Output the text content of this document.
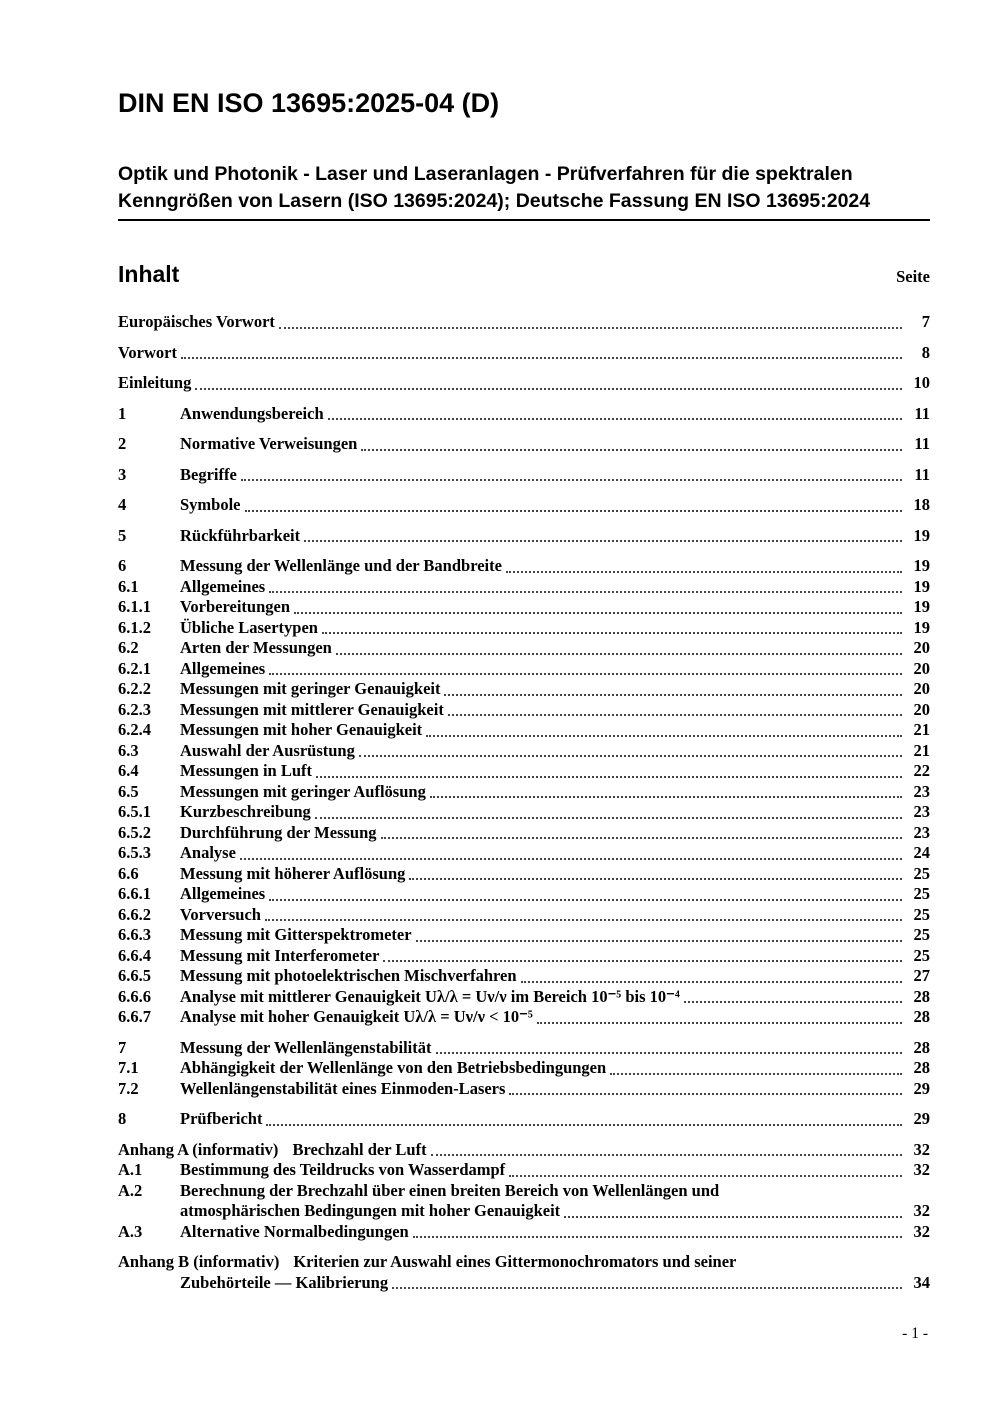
DIN EN ISO 13695:2025-04 (D)
Optik und Photonik - Laser und Laseranlagen - Prüfverfahren für die spektralen
Kenngrößen von Lasern (ISO 13695:2024); Deutsche Fassung EN ISO 13695:2024
Inhalt	Seite
Europäisches Vorwort	7
Vorwort	8
Einleitung	10
1	Anwendungsbereich	11
2	Normative Verweisungen	11
3	Begriffe	11
4	Symbole	18
5	Rückführbarkeit	19
6	Messung der Wellenlänge und der Bandbreite	19
6.1	Allgemeines	19
6.1.1	Vorbereitungen	19
6.1.2	Übliche Lasertypen	19
6.2	Arten der Messungen	20
6.2.1	Allgemeines	20
6.2.2	Messungen mit geringer Genauigkeit	20
6.2.3	Messungen mit mittlerer Genauigkeit	20
6.2.4	Messungen mit hoher Genauigkeit	21
6.3	Auswahl der Ausrüstung	21
6.4	Messungen in Luft	22
6.5	Messungen mit geringer Auflösung	23
6.5.1	Kurzbeschreibung	23
6.5.2	Durchführung der Messung	23
6.5.3	Analyse	24
6.6	Messung mit höherer Auflösung	25
6.6.1	Allgemeines	25
6.6.2	Vorversuch	25
6.6.3	Messung mit Gitterspektrometer	25
6.6.4	Messung mit Interferometer	25
6.6.5	Messung mit photoelektrischen Mischverfahren	27
6.6.6	Analyse mit mittlerer Genauigkeit Uλ/λ = Uν/ν im Bereich 10⁻⁵ bis 10⁻⁴	28
6.6.7	Analyse mit hoher Genauigkeit Uλ/λ = Uν/ν < 10⁻⁵	28
7	Messung der Wellenlängenstabilität	28
7.1	Abhängigkeit der Wellenlänge von den Betriebsbedingungen	28
7.2	Wellenlängenstabilität eines Einmoden-Lasers	29
8	Prüfbericht	29
Anhang A (informativ) Brechzahl der Luft	32
A.1	Bestimmung des Teildrucks von Wasserdampf	32
A.2	Berechnung der Brechzahl über einen breiten Bereich von Wellenlängen und
atmosphärischen Bedingungen mit hoher Genauigkeit	32
A.3	Alternative Normalbedingungen	32
Anhang B (informativ) Kriterien zur Auswahl eines Gittermonochromators und seiner
Zubehörteile — Kalibrierung	34
- 1 -
